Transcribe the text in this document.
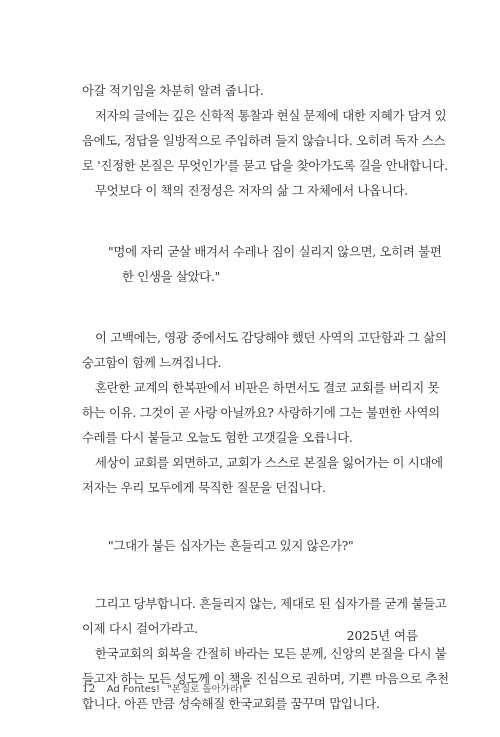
아갈 적기임을 차분히 알려 줍니다.

저자의 글에는 깊은 신학적 통찰과 현실 문제에 대한 지혜가 담겨 있
음에도, 정답을 일방적으로 주입하려 들지 않습니다. 오히려 독자 스스
로 '진정한 본질은 무엇인가'를 묻고 답을 찾아가도록 길을 안내합니다.

무엇보다 이 책의 진정성은 저자의 삶 그 자체에서 나옵니다.

"멍에 자리 굳살 배겨서 수레나 짐이 실리지 않으면, 오히려 불편
한 인생을 살았다."

이 고백에는, 영광 중에서도 감당해야 했던 사역의 고단함과 그 삶의
숭고함이 함께 느껴집니다.

혼란한 교계의 한복판에서 비판은 하면서도 결코 교회를 버리지 못
하는 이유. 그것이 곧 사랑 아닐까요? 사랑하기에 그는 불편한 사역의
수레를 다시 붙들고 오늘도 험한 고갯길을 오릅니다.

세상이 교회를 외면하고, 교회가 스스로 본질을 잃어가는 이 시대에
저자는 우리 모두에게 묵직한 질문을 던집니다.

"그대가 붙든 십자가는 흔들리고 있지 않은가?"

그리고 당부합니다. 흔들리지 않는, 제대로 된 십자가를 굳게 붙들고
이제 다시 걸어가라고.

한국교회의 회복을 간절히 바라는 모든 분께, 신앙의 본질을 다시 붙
들고자 하는 모든 성도께 이 책을 진심으로 권하며, 기쁜 마음으로 추천
합니다. 아픈 만큼 성숙해질 한국교회를 꿈꾸며 맙입니다.

2025년 여름
12 Ad Fontes! "본질로 돌아가라!"
